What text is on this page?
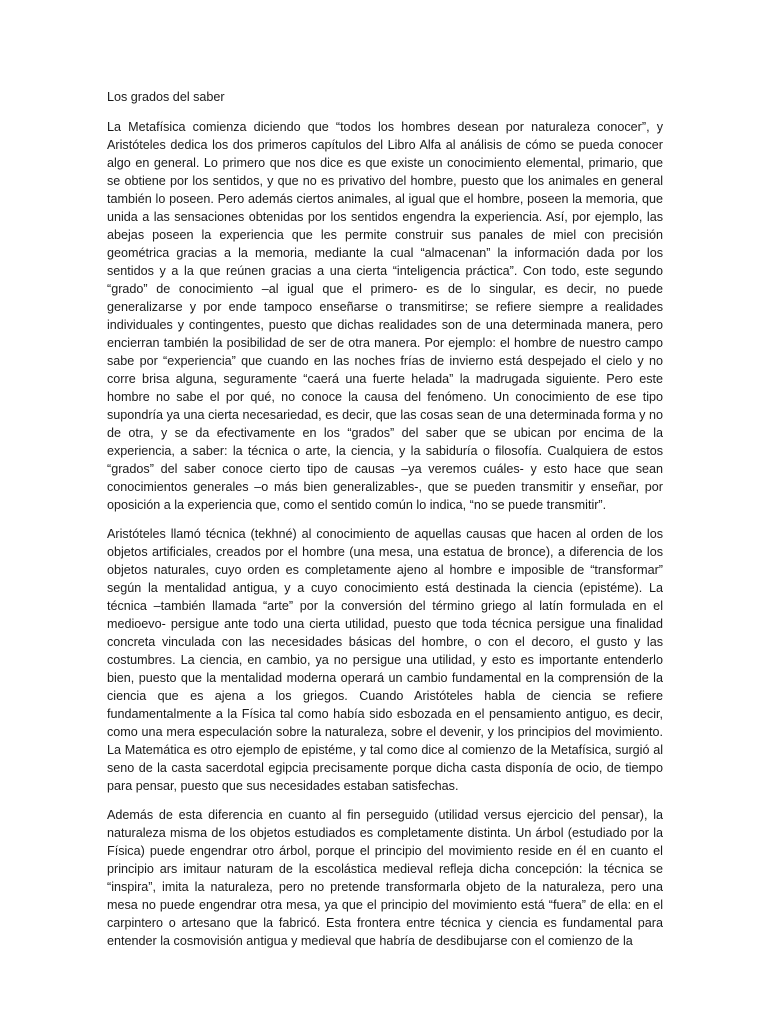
Los grados del saber

La Metafísica comienza diciendo que “todos los hombres desean por naturaleza conocer”, y Aristóteles dedica los dos primeros capítulos del Libro Alfa al análisis de cómo se pueda conocer algo en general. Lo primero que nos dice es que existe un conocimiento elemental, primario, que se obtiene por los sentidos, y que no es privativo del hombre, puesto que los animales en general también lo poseen. Pero además ciertos animales, al igual que el hombre, poseen la memoria, que unida a las sensaciones obtenidas por los sentidos engendra la experiencia. Así, por ejemplo, las abejas poseen la experiencia que les permite construir sus panales de miel con precisión geométrica gracias a la memoria, mediante la cual “almacenan” la información dada por los sentidos y a la que reúnen gracias a una cierta “inteligencia práctica”. Con todo, este segundo “grado” de conocimiento –al igual que el primero- es de lo singular, es decir, no puede generalizarse y por ende tampoco enseñarse o transmitirse; se refiere siempre a realidades individuales y contingentes, puesto que dichas realidades son de una determinada manera, pero encierran también la posibilidad de ser de otra manera. Por ejemplo: el hombre de nuestro campo sabe por “experiencia” que cuando en las noches frías de invierno está despejado el cielo y no corre brisa alguna, seguramente “caerá una fuerte helada” la madrugada siguiente. Pero este hombre no sabe el por qué, no conoce la causa del fenómeno. Un conocimiento de ese tipo supondría ya una cierta necesariedad, es decir, que las cosas sean de una determinada forma y no de otra, y se da efectivamente en los “grados” del saber que se ubican por encima de la experiencia, a saber: la técnica o arte, la ciencia, y la sabiduría o filosofía. Cualquiera de estos “grados” del saber conoce cierto tipo de causas –ya veremos cuáles- y esto hace que sean conocimientos generales –o más bien generalizables-, que se pueden transmitir y enseñar, por oposición a la experiencia que, como el sentido común lo indica, “no se puede transmitir”.

Aristóteles llamó técnica (tekhné) al conocimiento de aquellas causas que hacen al orden de los objetos artificiales, creados por el hombre (una mesa, una estatua de bronce), a diferencia de los objetos naturales, cuyo orden es completamente ajeno al hombre e imposible de “transformar” según la mentalidad antigua, y a cuyo conocimiento está destinada la ciencia (epistéme). La técnica –también llamada “arte” por la conversión del término griego al latín formulada en el medioevo- persigue ante todo una cierta utilidad, puesto que toda técnica persigue una finalidad concreta vinculada con las necesidades básicas del hombre, o con el decoro, el gusto y las costumbres. La ciencia, en cambio, ya no persigue una utilidad, y esto es importante entenderlo bien, puesto que la mentalidad moderna operará un cambio fundamental en la comprensión de la ciencia que es ajena a los griegos. Cuando Aristóteles habla de ciencia se refiere fundamentalmente a la Física tal como había sido esbozada en el pensamiento antiguo, es decir, como una mera especulación sobre la naturaleza, sobre el devenir, y los principios del movimiento. La Matemática es otro ejemplo de epistéme, y tal como dice al comienzo de la Metafísica, surgió al seno de la casta sacerdotal egipcia precisamente porque dicha casta disponía de ocio, de tiempo para pensar, puesto que sus necesidades estaban satisfechas.

Además de esta diferencia en cuanto al fin perseguido (utilidad versus ejercicio del pensar), la naturaleza misma de los objetos estudiados es completamente distinta. Un árbol (estudiado por la Física) puede engendrar otro árbol, porque el principio del movimiento reside en él en cuanto el principio ars imitaur naturam de la escolástica medieval refleja dicha concepción: la técnica se “inspira”, imita la naturaleza, pero no pretende transformarla objeto de la naturaleza, pero una mesa no puede engendrar otra mesa, ya que el principio del movimiento está “fuera” de ella: en el carpintero o artesano que la fabricó. Esta frontera entre técnica y ciencia es fundamental para entender la cosmovisión antigua y medieval que habría de desdibujarse con el comienzo de la
